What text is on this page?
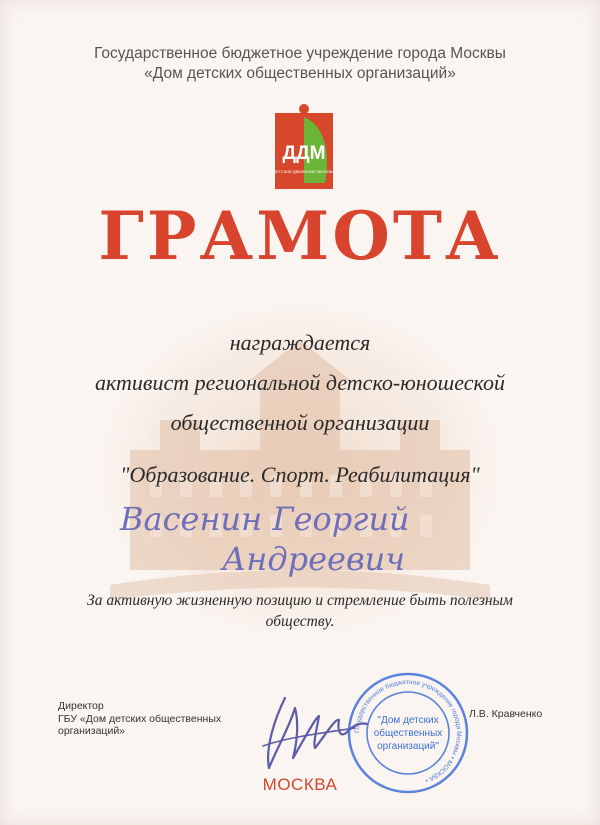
Государственное бюджетное учреждение города Москвы
«Дом детских общественных организаций»
ДДМ
ДЕТСКОЕ ДВИЖЕНИЕ МОСКВЫ
ГРАМОТА
награждается
активист региональной детско-юношеской
общественной организации
"Образование. Спорт. Реабилитация"
Васенин Георгий
Андреевич
За активную жизненную позицию и стремление быть полезным
обществу.
Директор
ГБУ «Дом детских общественных
организаций»	Государственное бюджетное учреждение города Москвы • МОСКВА •
"Дом детских
общественных
организаций"
Л.В. Кравченко
МОСКВА
